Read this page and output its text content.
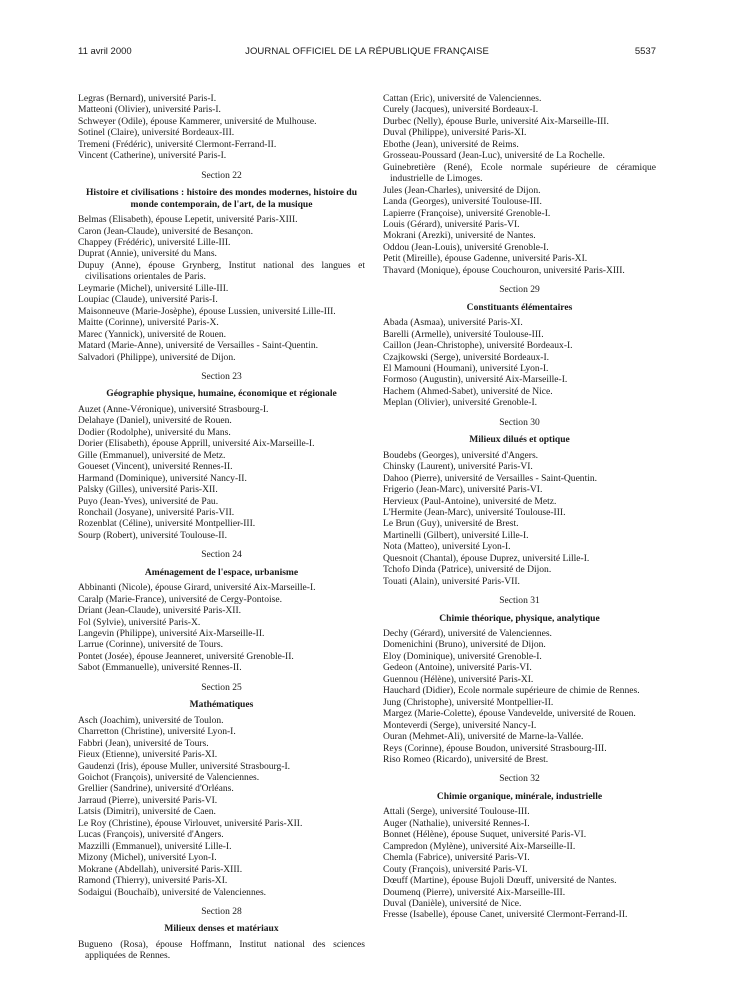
11 avril 2000	JOURNAL OFFICIEL DE LA RÉPUBLIQUE FRANÇAISE	5537

Legras (Bernard), université Paris-I.

Matteoni (Olivier), université Paris-I.

Schweyer (Odile), épouse Kammerer, université de Mulhouse.

Sotinel (Claire), université Bordeaux-III.

Tremeni (Frédéric), université Clermont-Ferrand-II.

Vincent (Catherine), université Paris-I.

Section 22
Histoire et civilisations : histoire des mondes modernes, histoire du monde contemporain, de l'art, de la musique

Belmas (Elisabeth), épouse Lepetit, université Paris-XIII.

Caron (Jean-Claude), université de Besançon.

Chappey (Frédéric), université Lille-III.

Duprat (Annie), université du Mans.

Dupuy (Anne), épouse Grynberg, Institut national des langues et civilisations orientales de Paris.

Leymarie (Michel), université Lille-III.

Loupiac (Claude), université Paris-I.

Maisonneuve (Marie-Josèphe), épouse Lussien, université Lille-III.

Maitte (Corinne), université Paris-X.

Marec (Yannick), université de Rouen.

Matard (Marie-Anne), université de Versailles - Saint-Quentin.

Salvadori (Philippe), université de Dijon.

Section 23
Géographie physique, humaine, économique et régionale

Auzet (Anne-Véronique), université Strasbourg-I.

Delahaye (Daniel), université de Rouen.

Dodier (Rodolphe), université du Mans.

Dorier (Elisabeth), épouse Apprill, université Aix-Marseille-I.

Gille (Emmanuel), université de Metz.

Goueset (Vincent), université Rennes-II.

Harmand (Dominique), université Nancy-II.

Palsky (Gilles), université Paris-XII.

Puyo (Jean-Yves), université de Pau.

Ronchail (Josyane), université Paris-VII.

Rozenblat (Céline), université Montpellier-III.

Sourp (Robert), université Toulouse-II.

Section 24
Aménagement de l'espace, urbanisme

Abbinanti (Nicole), épouse Girard, université Aix-Marseille-I.

Caralp (Marie-France), université de Cergy-Pontoise.

Driant (Jean-Claude), université Paris-XII.

Fol (Sylvie), université Paris-X.

Langevin (Philippe), université Aix-Marseille-II.

Larrue (Corinne), université de Tours.

Pontet (Josée), épouse Jeanneret, université Grenoble-II.

Sabot (Emmanuelle), université Rennes-II.

Section 25
Mathématiques

Asch (Joachim), université de Toulon.

Charretton (Christine), université Lyon-I.

Fabbri (Jean), université de Tours.

Fieux (Etienne), université Paris-XI.

Gaudenzi (Iris), épouse Muller, université Strasbourg-I.

Goichot (François), université de Valenciennes.

Grellier (Sandrine), université d'Orléans.

Jarraud (Pierre), université Paris-VI.

Latsis (Dimitri), université de Caen.

Le Roy (Christine), épouse Virlouvet, université Paris-XII.

Lucas (François), université d'Angers.

Mazzilli (Emmanuel), université Lille-I.

Mizony (Michel), université Lyon-I.

Mokrane (Abdellah), université Paris-XIII.

Ramond (Thierry), université Paris-XI.

Sodaigui (Bouchaïb), université de Valenciennes.

Section 28
Milieux denses et matériaux

Bugueno (Rosa), épouse Hoffmann, Institut national des sciences appliquées de Rennes.

Cattan (Eric), université de Valenciennes.

Curely (Jacques), université Bordeaux-I.

Durbec (Nelly), épouse Burle, université Aix-Marseille-III.

Duval (Philippe), université Paris-XI.

Ebothe (Jean), université de Reims.

Grosseau-Poussard (Jean-Luc), université de La Rochelle.

Guinebretière (René), Ecole normale supérieure de céramique industrielle de Limoges.

Jules (Jean-Charles), université de Dijon.

Landa (Georges), université Toulouse-III.

Lapierre (Françoise), université Grenoble-I.

Louis (Gérard), université Paris-VI.

Mokrani (Arezki), université de Nantes.

Oddou (Jean-Louis), université Grenoble-I.

Petit (Mireille), épouse Gadenne, université Paris-XI.

Thavard (Monique), épouse Couchouron, université Paris-XIII.

Section 29
Constituants élémentaires

Abada (Asmaa), université Paris-XI.

Barelli (Armelle), université Toulouse-III.

Caillon (Jean-Christophe), université Bordeaux-I.

Czajkowski (Serge), université Bordeaux-I.

El Mamouni (Houmani), université Lyon-I.

Formoso (Augustin), université Aix-Marseille-I.

Hachem (Ahmed-Sabet), université de Nice.

Meplan (Olivier), université Grenoble-I.

Section 30
Milieux dilués et optique

Boudebs (Georges), université d'Angers.

Chinsky (Laurent), université Paris-VI.

Dahoo (Pierre), université de Versailles - Saint-Quentin.

Frigerio (Jean-Marc), université Paris-VI.

Hervieux (Paul-Antoine), université de Metz.

L'Hermite (Jean-Marc), université Toulouse-III.

Le Brun (Guy), université de Brest.

Martinelli (Gilbert), université Lille-I.

Nota (Matteo), université Lyon-I.

Quesnoit (Chantal), épouse Duprez, université Lille-I.

Tchofo Dinda (Patrice), université de Dijon.

Touati (Alain), université Paris-VII.

Section 31
Chimie théorique, physique, analytique

Dechy (Gérard), université de Valenciennes.

Domenichini (Bruno), université de Dijon.

Eloy (Dominique), université Grenoble-I.

Gedeon (Antoine), université Paris-VI.

Guennou (Hélène), université Paris-XI.

Hauchard (Didier), Ecole normale supérieure de chimie de Rennes.

Jung (Christophe), université Montpellier-II.

Margez (Marie-Colette), épouse Vandevelde, université de Rouen.

Monteverdi (Serge), université Nancy-I.

Ouran (Mehmet-Ali), université de Marne-la-Vallée.

Reys (Corinne), épouse Boudon, université Strasbourg-III.

Riso Romeo (Ricardo), université de Brest.

Section 32
Chimie organique, minérale, industrielle

Attali (Serge), université Toulouse-III.

Auger (Nathalie), université Rennes-I.

Bonnet (Hélène), épouse Suquet, université Paris-VI.

Campredon (Mylène), université Aix-Marseille-II.

Chemla (Fabrice), université Paris-VI.

Couty (François), université Paris-VI.

Dœuff (Martine), épouse Bujoli Dœuff, université de Nantes.

Doumenq (Pierre), université Aix-Marseille-III.

Duval (Danièle), université de Nice.

Fresse (Isabelle), épouse Canet, université Clermont-Ferrand-II.
